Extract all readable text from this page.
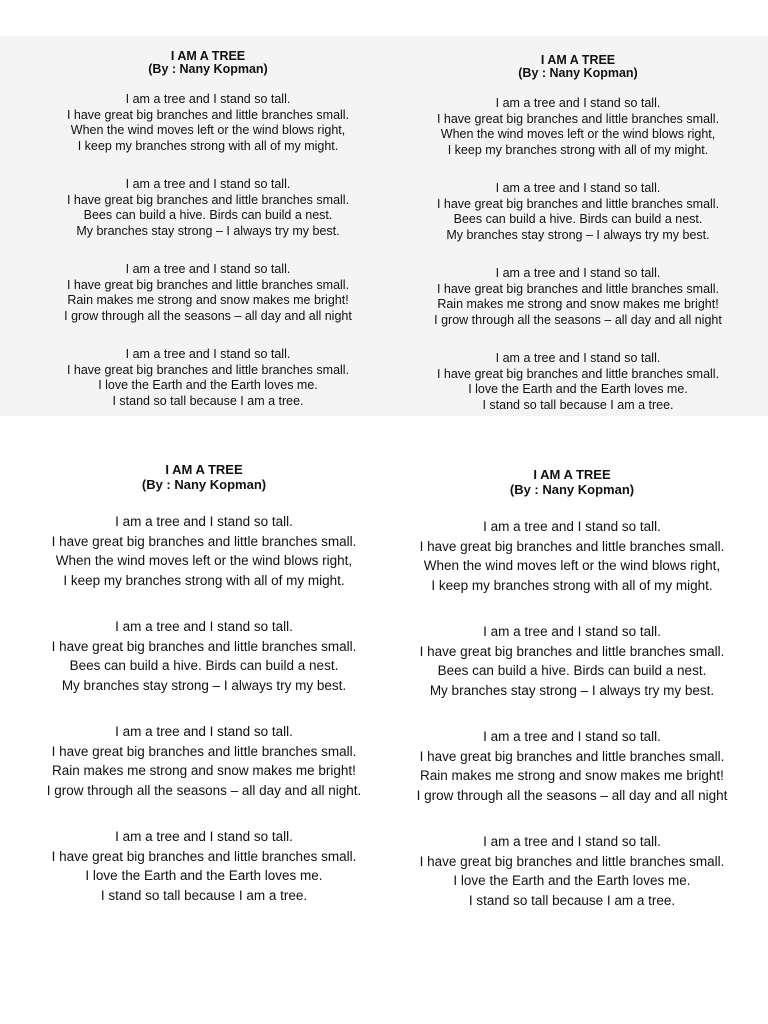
I AM A TREE
(By : Nany Kopman)
I am a tree and I stand so tall.
I have great big branches and little branches small.
When the wind moves left or the wind blows right,
I keep my branches strong with all of my might.
I am a tree and I stand so tall.
I have great big branches and little branches small.
Bees can build a hive. Birds can build a nest.
My branches stay strong – I always try my best.
I am a tree and I stand so tall.
I have great big branches and little branches small.
Rain makes me strong and snow makes me bright!
I grow through all the seasons – all day and all night
I am a tree and I stand so tall.
I have great big branches and little branches small.
I love the Earth and the Earth loves me.
I stand so tall because I am a tree.
I AM A TREE
(By : Nany Kopman)
I am a tree and I stand so tall.
I have great big branches and little branches small.
When the wind moves left or the wind blows right,
I keep my branches strong with all of my might.
I am a tree and I stand so tall.
I have great big branches and little branches small.
Bees can build a hive. Birds can build a nest.
My branches stay strong – I always try my best.
I am a tree and I stand so tall.
I have great big branches and little branches small.
Rain makes me strong and snow makes me bright!
I grow through all the seasons – all day and all night
I am a tree and I stand so tall.
I have great big branches and little branches small.
I love the Earth and the Earth loves me.
I stand so tall because I am a tree.
I AM A TREE
(By : Nany Kopman)
I am a tree and I stand so tall.
I have great big branches and little branches small.
When the wind moves left or the wind blows right,
I keep my branches strong with all of my might.
I am a tree and I stand so tall.
I have great big branches and little branches small.
Bees can build a hive. Birds can build a nest.
My branches stay strong – I always try my best.
I am a tree and I stand so tall.
I have great big branches and little branches small.
Rain makes me strong and snow makes me bright!
I grow through all the seasons – all day and all night.
I am a tree and I stand so tall.
I have great big branches and little branches small.
I love the Earth and the Earth loves me.
I stand so tall because I am a tree.
I AM A TREE
(By : Nany Kopman)
I am a tree and I stand so tall.
I have great big branches and little branches small.
When the wind moves left or the wind blows right,
I keep my branches strong with all of my might.
I am a tree and I stand so tall.
I have great big branches and little branches small.
Bees can build a hive. Birds can build a nest.
My branches stay strong – I always try my best.
I am a tree and I stand so tall.
I have great big branches and little branches small.
Rain makes me strong and snow makes me bright!
I grow through all the seasons – all day and all night
I am a tree and I stand so tall.
I have great big branches and little branches small.
I love the Earth and the Earth loves me.
I stand so tall because I am a tree.
